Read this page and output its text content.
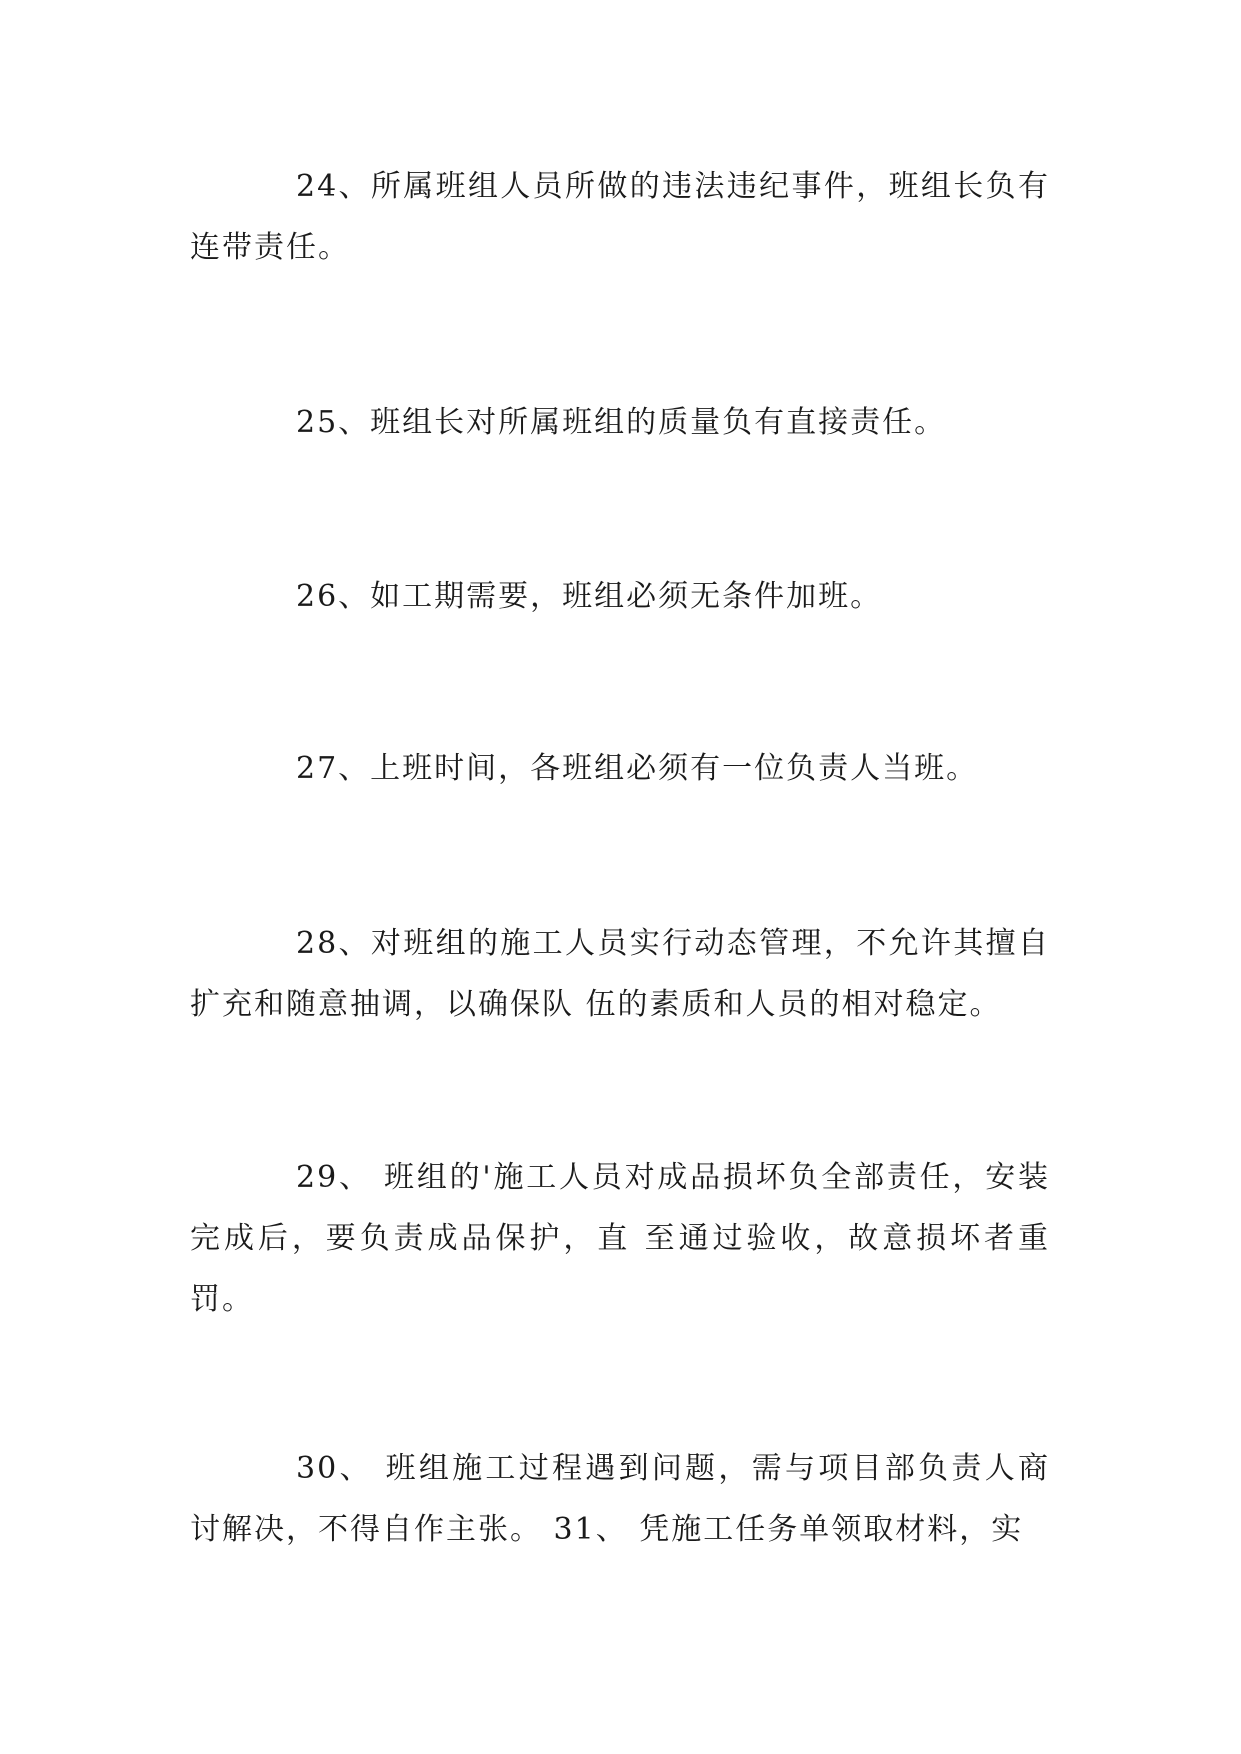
24、所属班组人员所做的违法违纪事件，班组长负有连带责任。

25、班组长对所属班组的质量负有直接责任。

26、如工期需要，班组必须无条件加班。

27、上班时间，各班组必须有一位负责人当班。

28、对班组的施工人员实行动态管理，不允许其擅自扩充和随意抽调，以确保队 伍的素质和人员的相对稳定。

29、 班组的'施工人员对成品损坏负全部责任，安装完成后，要负责成品保护，直 至通过验收，故意损坏者重罚。

30、 班组施工过程遇到问题，需与项目部负责人商讨解决，不得自作主张。 31、 凭施工任务单领取材料，实
